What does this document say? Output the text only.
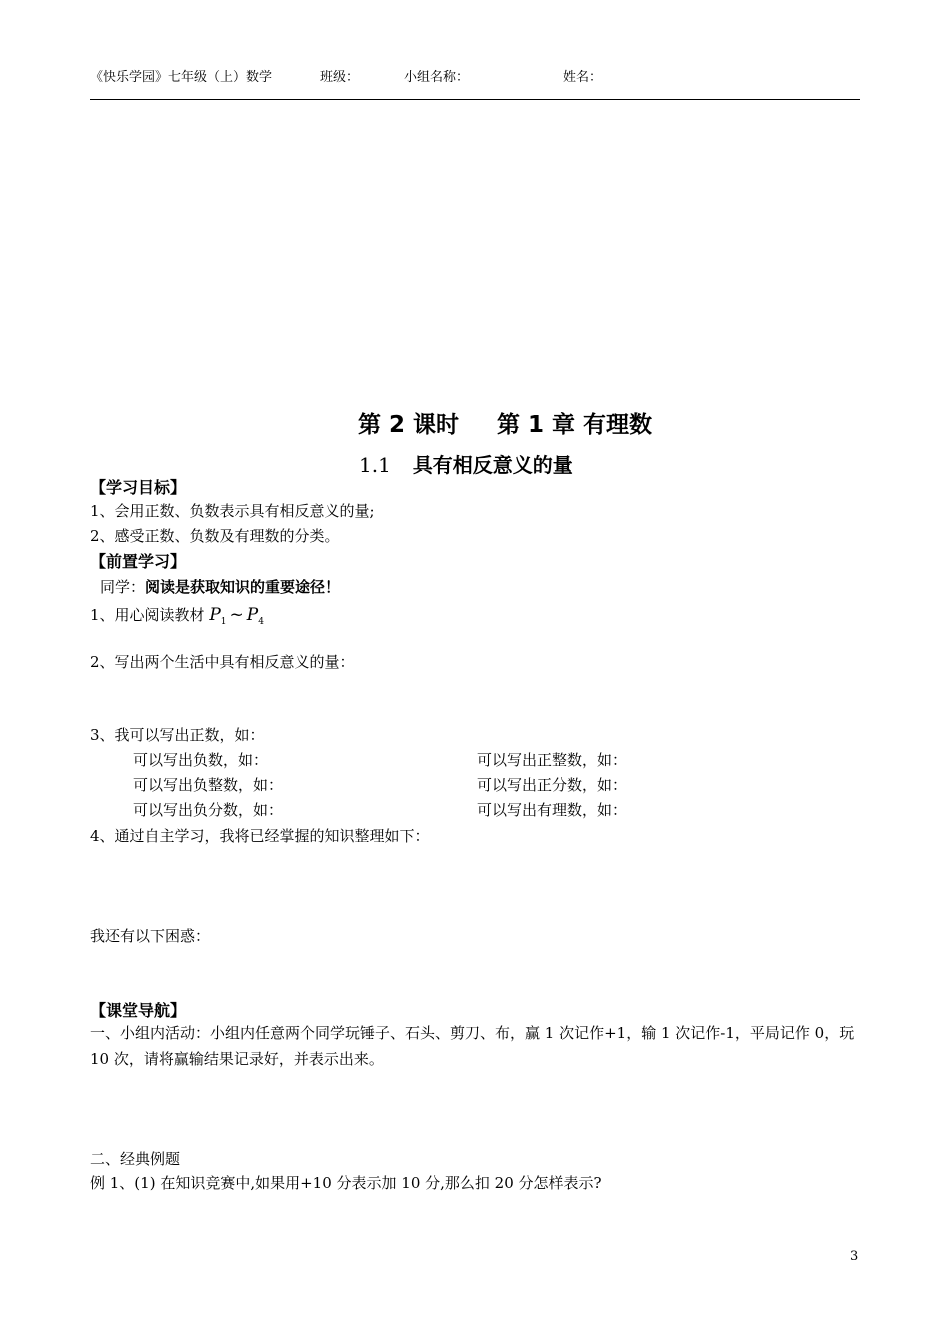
《快乐学园》七年级（上）数学	班级：	小组名称：	姓名：
第 2 课时 第 1 章 有理数
1.1 具有相反意义的量
【学习目标】
1、会用正数、负数表示具有相反意义的量;
2、感受正数、负数及有理数的分类。
【前置学习】
同学：阅读是获取知识的重要途径！
1、用心阅读教材 $P_1$ ~ $P_4$
2、写出两个生活中具有相反意义的量：
3、我可以写出正数，如：
可以写出负数，如：	可以写出正整数，如：
可以写出负整数，如：	可以写出正分数，如：
可以写出负分数，如：	可以写出有理数，如：
4、通过自主学习，我将已经掌握的知识整理如下：
我还有以下困惑：
【课堂导航】
一、小组内活动：小组内任意两个同学玩锤子、石头、剪刀、布，赢 1 次记作+1，输 1 次记作-1，平局记作 0，玩 10 次，请将赢输结果记录好，并表示出来。
二、经典例题
例 1、(1) 在知识竞赛中,如果用+10 分表示加 10 分,那么扣 20 分怎样表示?
3
